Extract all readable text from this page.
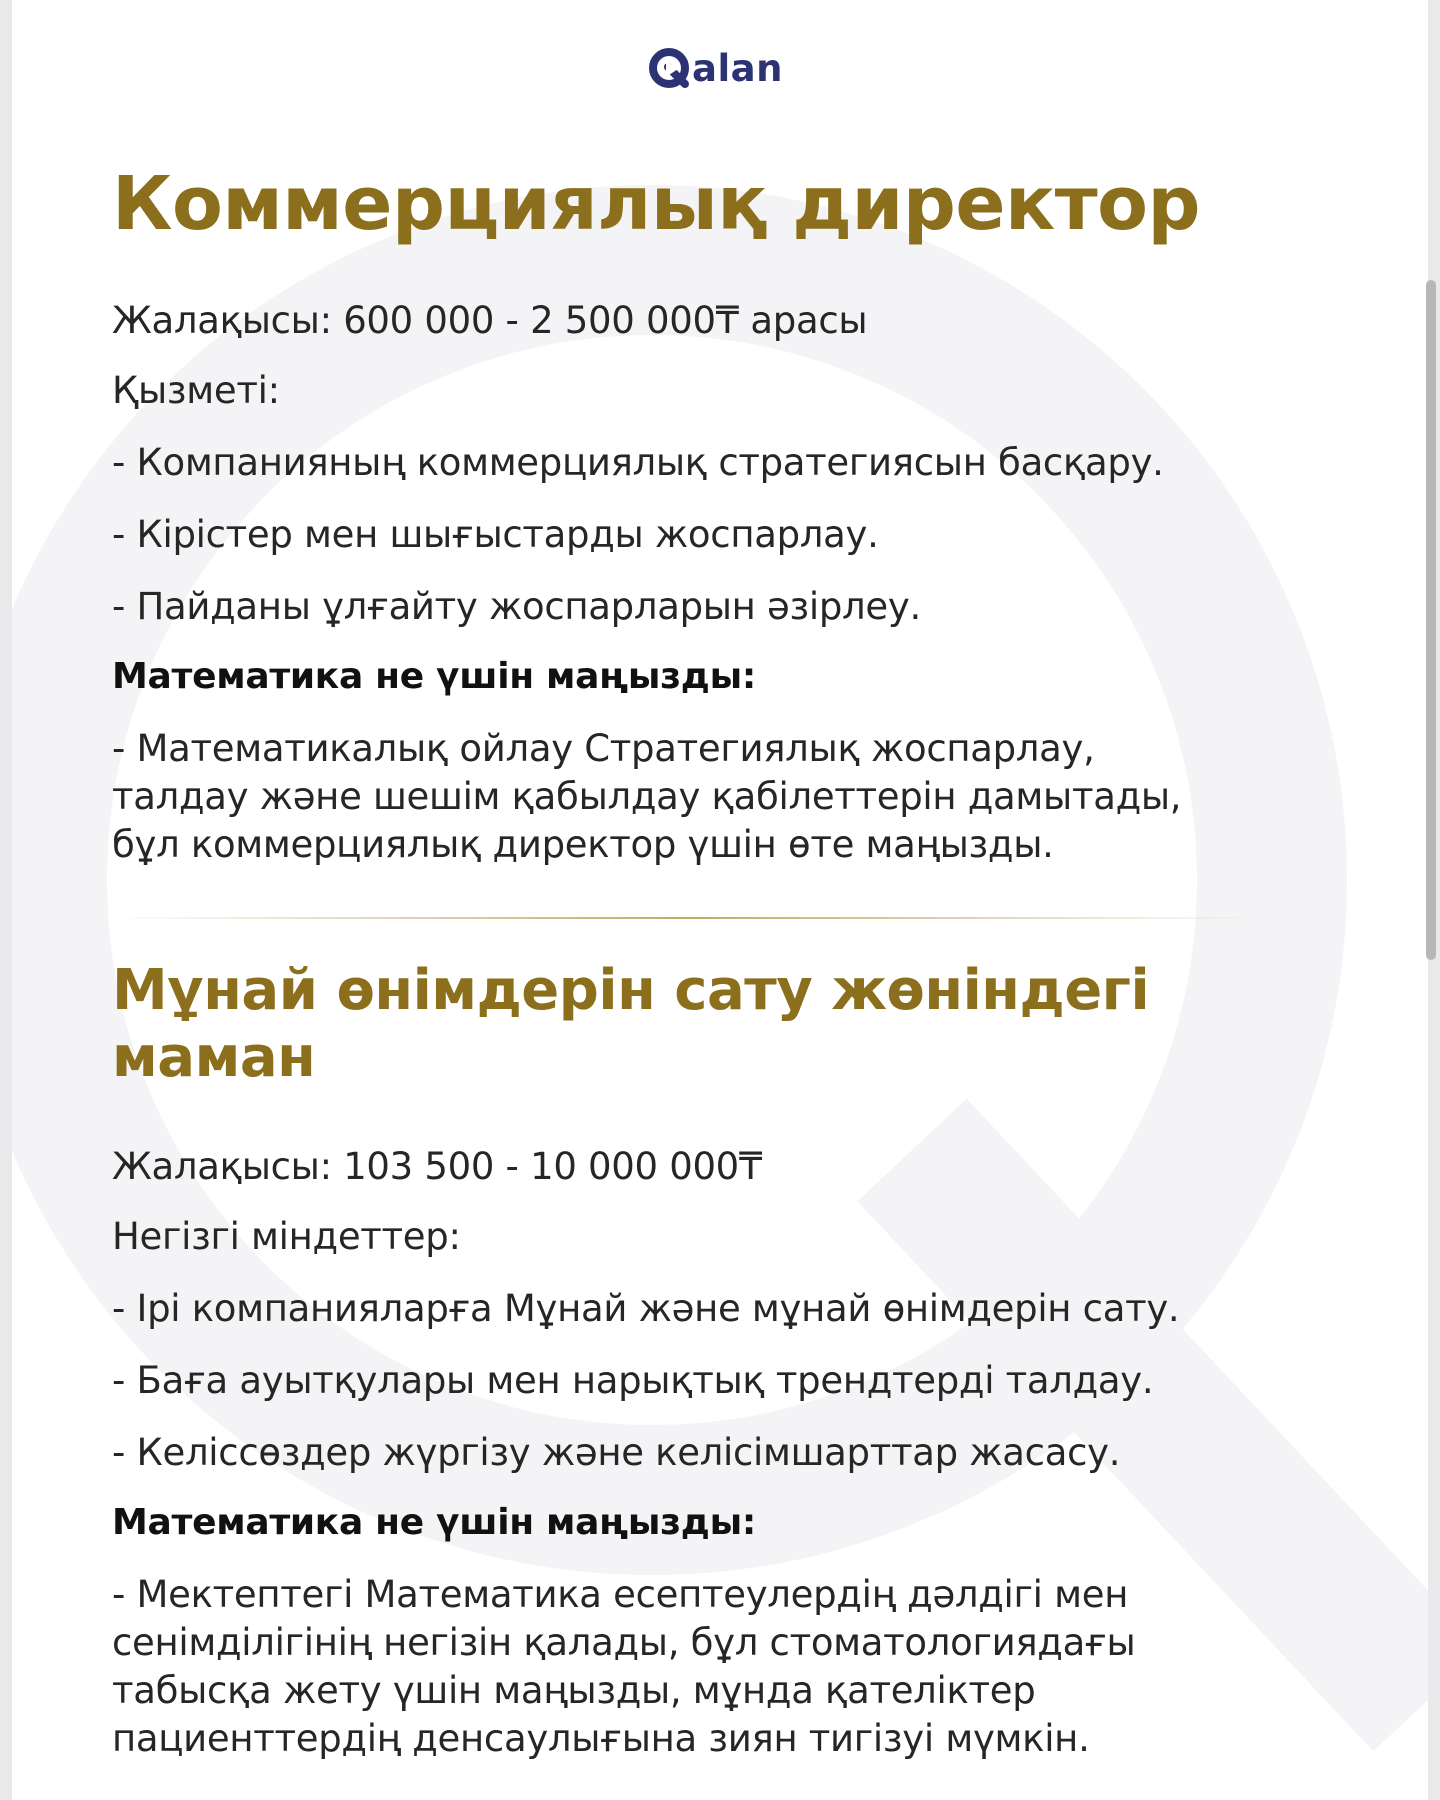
alan
Коммерциялық директор

Жалақысы: 600 000 - 2 500 000₸ арасы

Қызметі:

- Компанияның коммерциялық стратегиясын басқару.

- Кірістер мен шығыстарды жоспарлау.

- Пайданы ұлғайту жоспарларын әзірлеу.

Математика не үшін маңызды:

- Математикалық ойлау Стратегиялық жоспарлау,

талдау және шешім қабылдау қабілеттерін дамытады,

бұл коммерциялық директор үшін өте маңызды.

Мұнай өнімдерін сату жөніндегі маман

Жалақысы: 103 500 - 10 000 000₸

Негізгі міндеттер:

- Ірі компанияларға Мұнай және мұнай өнімдерін сату.

- Баға ауытқулары мен нарықтық трендтерді талдау.

- Келіссөздер жүргізу және келісімшарттар жасасу.

Математика не үшін маңызды:

- Мектептегі Математика есептеулердің дәлдігі мен

сенімділігінің негізін қалады, бұл стоматологиядағы

табысқа жету үшін маңызды, мұнда қателіктер

пациенттердің денсаулығына зиян тигізуі мүмкін.
